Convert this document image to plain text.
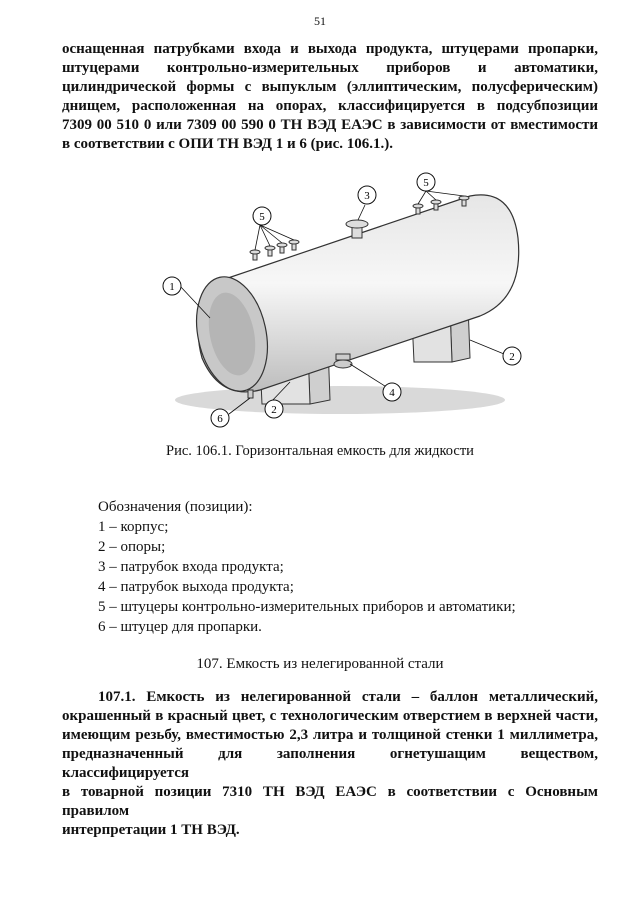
51
оснащенная патрубками входа и выхода продукта, штуцерами пропарки,
штуцерами контрольно-измерительных приборов и автоматики,
цилиндрической формы с выпуклым (эллиптическим, полусферическим)
днищем, расположенная на опорах, классифицируется в подсубпозиции
7309 00 510 0 или 7309 00 590 0 ТН ВЭД ЕАЭС в зависимости от вместимости
в соответствии с ОПИ ТН ВЭД 1 и 6 (рис. 106.1.).
1
2
2
3
4
5
5
6
Рис. 106.1. Горизонтальная емкость для жидкости
Обозначения (позиции):
1 – корпус;
2 – опоры;
3 – патрубок входа продукта;
4 – патрубок выхода продукта;
5 – штуцеры контрольно-измерительных приборов и автоматики;
6 – штуцер для пропарки.
107. Емкость из нелегированной стали
107.1. Емкость из нелегированной стали – баллон металлический,
окрашенный в красный цвет, с технологическим отверстием в верхней части,
имеющим резьбу, вместимостью 2,3 литра и толщиной стенки 1 миллиметра,
предназначенный для заполнения огнетушащим веществом, классифицируется
в товарной позиции 7310 ТН ВЭД ЕАЭС в соответствии с Основным правилом
интерпретации 1 ТН ВЭД.
